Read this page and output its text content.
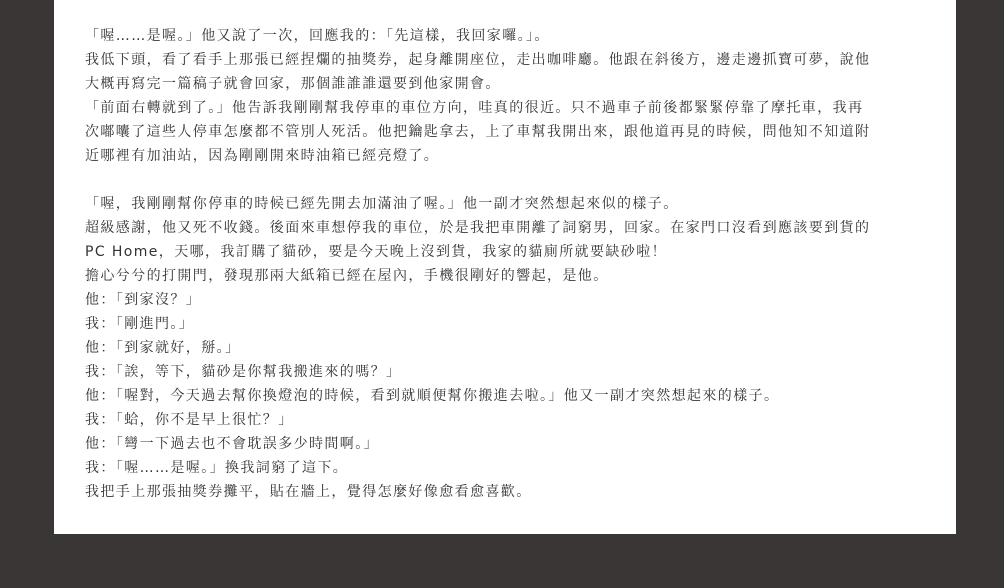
「喔……是喔。」他又說了一次，回應我的：「先這樣，我回家囉。」。
我低下頭，看了看手上那張已經捏爛的抽獎券，起身離開座位，走出咖啡廳。他跟在斜後方，邊走邊抓寶可夢，說他
大概再寫完一篇稿子就會回家，那個誰誰誰還要到他家開會。
「前面右轉就到了。」他告訴我剛剛幫我停車的車位方向，哇真的很近。只不過車子前後都緊緊停靠了摩托車，我再
次嘟囔了這些人停車怎麼都不管別人死活。他把鑰匙拿去，上了車幫我開出來，跟他道再見的時候，問他知不知道附
近哪裡有加油站，因為剛剛開來時油箱已經亮燈了。
「喔，我剛剛幫你停車的時候已經先開去加滿油了喔。」他一副才突然想起來似的樣子。
超級感謝，他又死不收錢。後面來車想停我的車位，於是我把車開離了詞窮男，回家。在家門口沒看到應該要到貨的
PC Home，天哪，我訂購了貓砂，要是今天晚上沒到貨，我家的貓廁所就要缺砂啦！
擔心兮兮的打開門，發現那兩大紙箱已經在屋內，手機很剛好的響起，是他。
他：「到家沒？」
我：「剛進門。」
他：「到家就好，掰。」
我：「誒，等下，貓砂是你幫我搬進來的嗎？」
他：「喔對，今天過去幫你換燈泡的時候，看到就順便幫你搬進去啦。」他又一副才突然想起來的樣子。
我：「蛤，你不是早上很忙？」
他：「彎一下過去也不會耽誤多少時間啊。」
我：「喔……是喔。」換我詞窮了這下。
我把手上那張抽獎券攤平，貼在牆上，覺得怎麼好像愈看愈喜歡。
